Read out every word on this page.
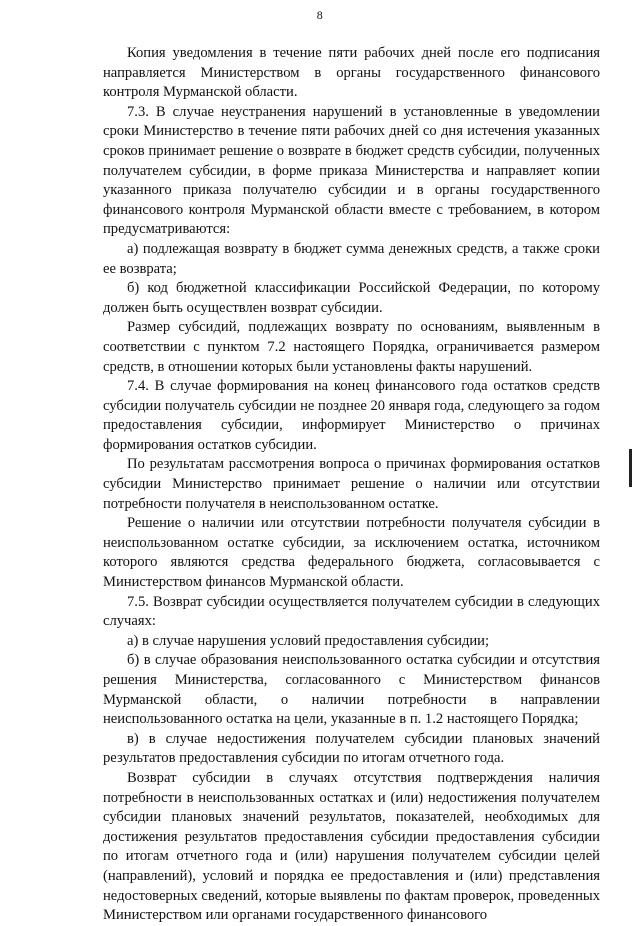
8

Копия уведомления в течение пяти рабочих дней после его подписания направляется Министерством в органы государственного финансового контроля Мурманской области.

7.3. В случае неустранения нарушений в установленные в уведомлении сроки Министерство в течение пяти рабочих дней со дня истечения указанных сроков принимает решение о возврате в бюджет средств субсидии, полученных получателем субсидии, в форме приказа Министерства и направляет копии указанного приказа получателю субсидии и в органы государственного финансового контроля Мурманской области вместе с требованием, в котором предусматриваются:

а) подлежащая возврату в бюджет сумма денежных средств, а также сроки ее возврата;

б) код бюджетной классификации Российской Федерации, по которому должен быть осуществлен возврат субсидии.

Размер субсидий, подлежащих возврату по основаниям, выявленным в соответствии с пунктом 7.2 настоящего Порядка, ограничивается размером средств, в отношении которых были установлены факты нарушений.

7.4. В случае формирования на конец финансового года остатков средств субсидии получатель субсидии не позднее 20 января года, следующего за годом предоставления субсидии, информирует Министерство о причинах формирования остатков субсидии.

По результатам рассмотрения вопроса о причинах формирования остатков субсидии Министерство принимает решение о наличии или отсутствии потребности получателя в неиспользованном остатке.

Решение о наличии или отсутствии потребности получателя субсидии в неиспользованном остатке субсидии, за исключением остатка, источником которого являются средства федерального бюджета, согласовывается с Министерством финансов Мурманской области.

7.5. Возврат субсидии осуществляется получателем субсидии в следующих случаях:

а) в случае нарушения условий предоставления субсидии;

б) в случае образования неиспользованного остатка субсидии и отсутствия решения Министерства, согласованного с Министерством финансов Мурманской области, о наличии потребности в направлении неиспользованного остатка на цели, указанные в п. 1.2 настоящего Порядка;

в) в случае недостижения получателем субсидии плановых значений результатов предоставления субсидии по итогам отчетного года.

Возврат субсидии в случаях отсутствия подтверждения наличия потребности в неиспользованных остатках и (или) недостижения получателем субсидии плановых значений результатов, показателей, необходимых для достижения результатов предоставления субсидии предоставления субсидии по итогам отчетного года и (или) нарушения получателем субсидии целей (направлений), условий и порядка ее предоставления и (или) представления недостоверных сведений, которые выявлены по фактам проверок, проведенных Министерством или органами государственного финансового
